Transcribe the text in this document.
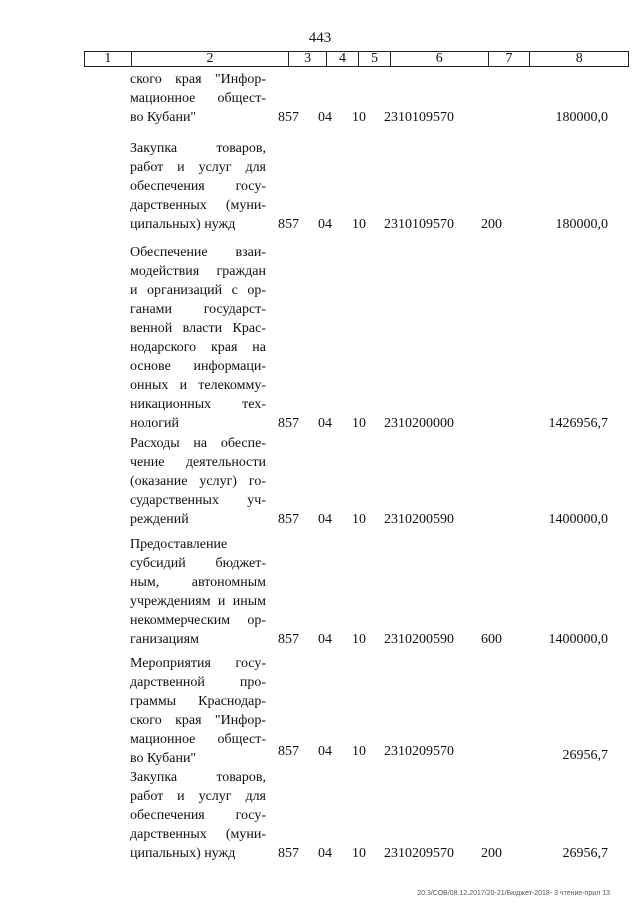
443
1	2	3	4	5	6	7	8
ского края "Инфор-
мационное общест-
во Кубани"	857 04 10 2310109570	180000,0
Закупка товаров,
работ и услуг для
обеспечения госу-
дарственных (муни-
ципальных) нужд	857 04 10 2310109570 200	180000,0
Обеспечение взаи-
модействия граждан
и организаций с ор-
ганами государст-
венной власти Крас-
нодарского края на
основе информаци-
онных и телекомму-
никационных тех-
нологий	857 04 10 2310200000	1426956,7
Расходы на обеспе-
чение деятельности
(оказание услуг) го-
сударственных уч-
реждений	857 04 10 2310200590	1400000,0
Предоставление
субсидий бюджет-
ным, автономным
учреждениям и иным
некоммерческим ор-
ганизациям	857 04 10 2310200590 600	1400000,0
Мероприятия госу-
дарственной про-
граммы Краснодар-
ского края "Инфор-
мационное общест-
во Кубани"	857 04 10 2310209570	26956,7
Закупка товаров,
работ и услуг для
обеспечения госу-
дарственных (муни-
ципальных) нужд	857 04 10 2310209570 200	26956,7
20.3/СОВ/08.12.2017/20-21/Бюджет-2018- 3 чтение-прил 13
